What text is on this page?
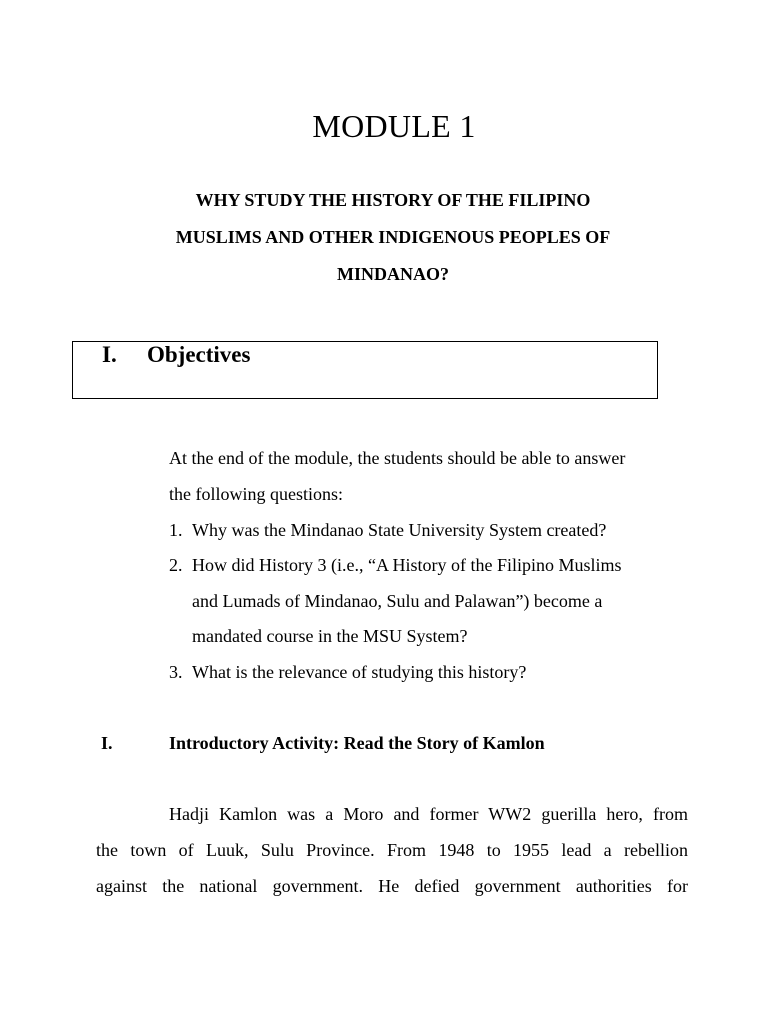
MODULE 1
WHY STUDY THE HISTORY OF THE FILIPINO
MUSLIMS AND OTHER INDIGENOUS PEOPLES OF
MINDANAO?
I. Objectives
At the end of the module, the students should be able to answer
the following questions:
1. Why was the Mindanao State University System created?
2. How did History 3 (i.e., “A History of the Filipino Muslims
and Lumads of Mindanao, Sulu and Palawan”) become a
mandated course in the MSU System?
3. What is the relevance of studying this history?
I.	Introductory Activity: Read the Story of Kamlon
Hadji Kamlon was a Moro and former WW2 guerilla hero, from
the town of Luuk, Sulu Province. From 1948 to 1955 lead a rebellion
against the national government. He defied government authorities for
